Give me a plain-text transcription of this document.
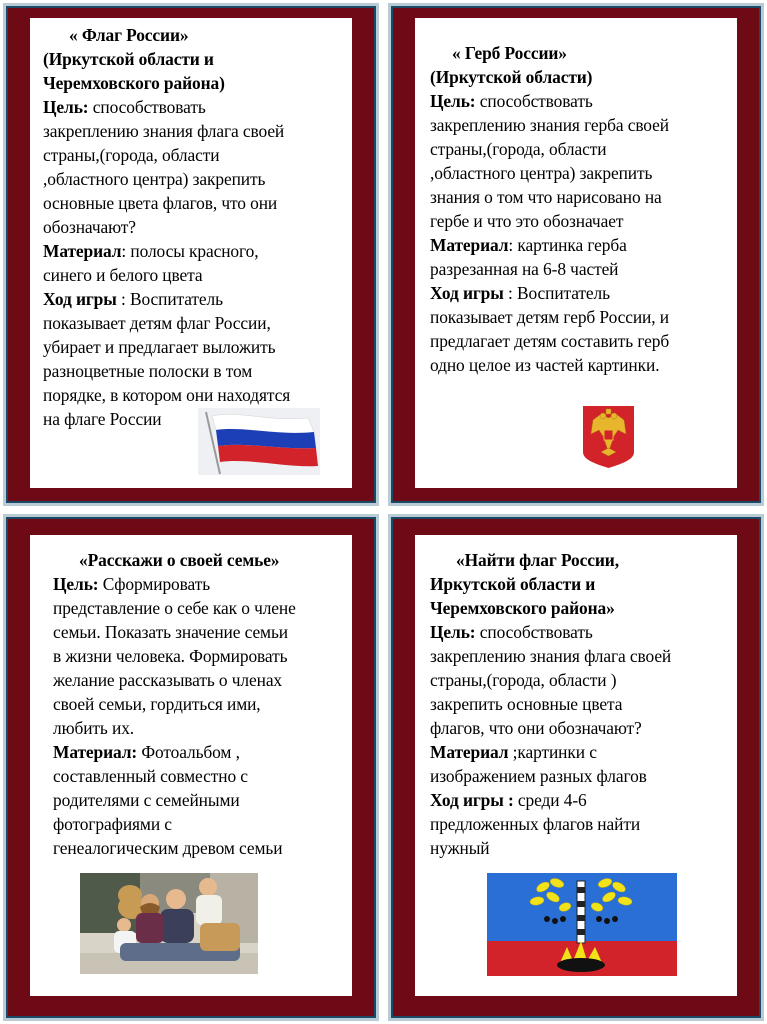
« Флаг России»

(Иркутской области и

Черемховского района)

Цель: способствовать

закреплению знания флага своей

страны,(города, области

,областного центра) закрепить

основные цвета флагов, что они

обозначают?

Материал: полосы красного,

синего и белого цвета

Ход игры : Воспитатель

показывает детям флаг России,

убирает и предлагает выложить

разноцветные полоски в том

порядке, в котором они находятся

на флаге России

« Герб России»

(Иркутской области)

Цель: способствовать

закреплению знания герба своей

страны,(города, области

,областного центра) закрепить

знания о том что нарисовано на

гербе и что это обозначает

Материал: картинка герба

разрезанная на 6-8 частей

Ход игры : Воспитатель

показывает детям герб России, и

предлагает детям составить герб

одно целое из частей картинки.

«Расскажи о своей семье»

Цель: Сформировать

представление о себе как о члене

семьи. Показать значение семьи

в жизни человека. Формировать

желание рассказывать о членах

своей семьи, гордиться ими,

любить их.

Материал: Фотоальбом ,

составленный совместно с

родителями с семейными

фотографиями с

генеалогическим древом семьи

«Найти флаг России,

Иркутской области и

Черемховского района»

Цель: способствовать

закреплению знания флага своей

страны,(города, области )

закрепить основные цвета

флагов, что они обозначают?

Материал ;картинки с

изображением разных флагов

Ход игры : среди 4-6

предложенных флагов найти

нужный
